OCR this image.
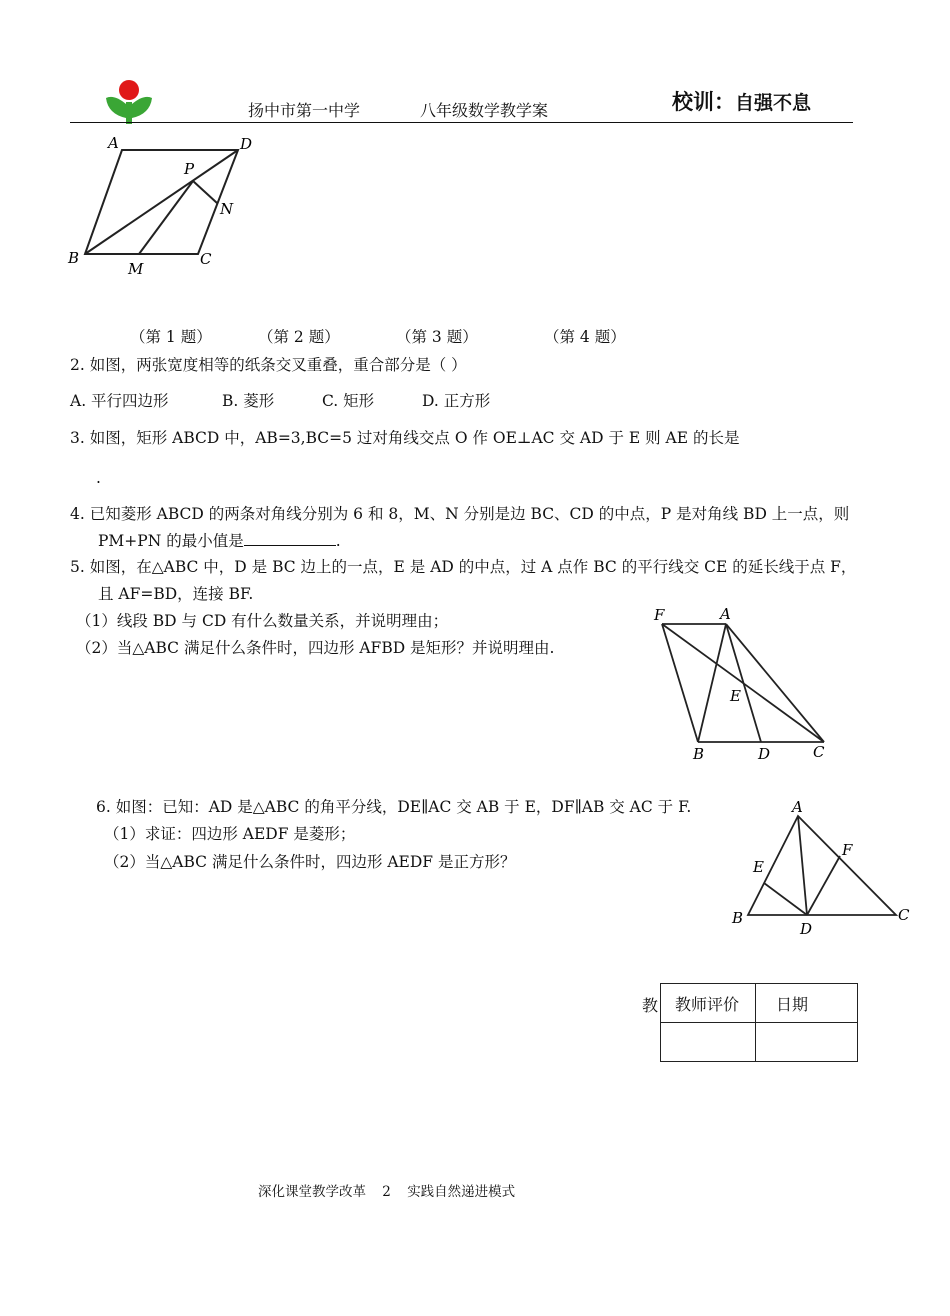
扬中市第一中学	八年级数学教学案	校训：自强不息
A	D
P
N
B
M
C
（第 1 题）	（第 2 题）	（第 3 题）	（第 4 题）
2. 如图，两张宽度相等的纸条交叉重叠，重合部分是（ ）
A. 平行四边形	B. 菱形	C. 矩形	D. 正方形
3. 如图，矩形 ABCD 中，AB=3,BC=5 过对角线交点 O 作 OE⊥AC 交 AD 于 E 则 AE 的长是
.
4. 已知菱形 ABCD 的两条对角线分别为 6 和 8，M、N 分别是边 BC、CD 的中点，P 是对角线 BD 上一点，则
PM+PN 的最小值是	.
5. 如图，在△ABC 中，D 是 BC 边上的一点，E 是 AD 的中点，过 A 点作 BC 的平行线交 CE 的延长线于点 F，
且 AF=BD，连接 BF.
（1）线段 BD 与 CD 有什么数量关系，并说明理由；
（2）当△ABC 满足什么条件时，四边形 AFBD 是矩形？并说明理由.
F	A
E
B	D	C
6. 如图：已知：AD 是△ABC 的角平分线，DE∥AC 交 AB 于 E，DF∥AB 交 AC 于 F.
（1）求证：四边形 AEDF 是菱形；
（2）当△ABC 满足什么条件时，四边形 AEDF 是正方形？
A
E
F
B
D
C
教 教师评价	日期

深化课堂教学改革 2 实践自然递进模式
